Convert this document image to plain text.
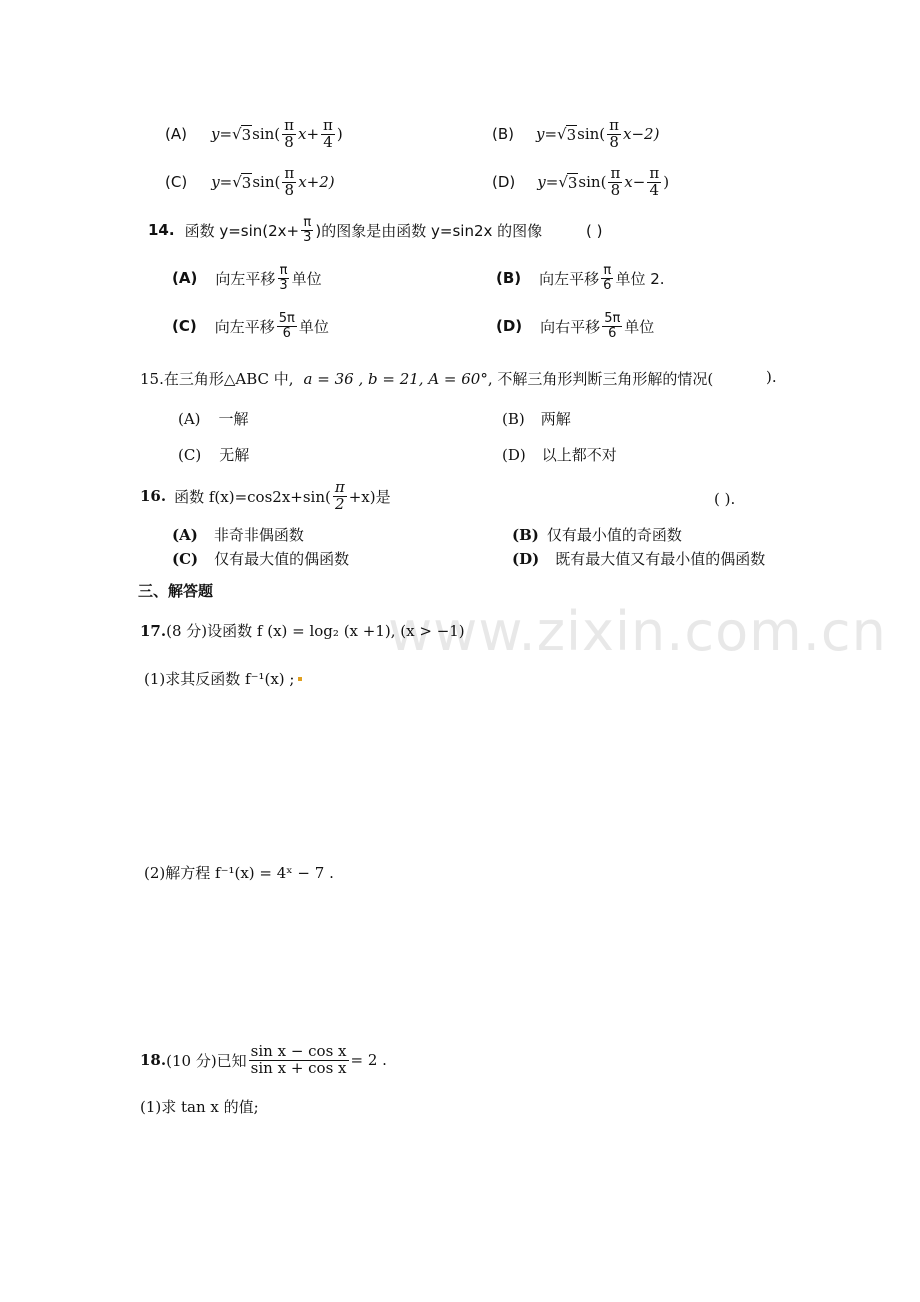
(A) y= √ 3 $\sin( \frac{\pi}{8} x+ \frac{\pi}{4}$ )	(B) y= √ 3 $\sin( \frac{\pi}{8} x-2)$
(C) y= √ 3 $\sin( \frac{\pi}{8} x+2)$	(D) y= √ 3 $\sin( \frac{\pi}{8} x- \frac{\pi}{4}$ )
14. 函数 $y=\sin(2x+ \frac{\pi}{3}$ )的图象是由函数 y=sin2x 的图像	( )
(A) 向左平移 $\frac{\pi}{3}$ 单位	(B) 向左平移 $\frac{\pi}{6}$ 单位 2.
(C) 向左平移 $\frac{5\pi}{6}$ 单位	(D) 向右平移 $\frac{5\pi}{6}$ 单位
15.在三角形△ABC 中, a = 36 , b = 21, A = 60° , 不解三角形判断三角形解的情况(	).
(A) 一解	(B) 两解
(C) 无解	(D) 以上都不对
16. 函数 $f(x)=\cos 2x+\sin( \frac{\pi}{2} +x)$是	( ).
(A) 非奇非偶函数	(B) 仅有最小值的奇函数
(C) 仅有最大值的偶函数	(D) 既有最大值又有最小值的偶函数
三、解答题
www.zixin.com.cn
17. (8 分)设函数 f (x) = log₂ (x +1), (x > −1)
(1)求其反函数 f⁻¹(x) ;
(2)解方程 f⁻¹(x) = 4ˣ − 7 .
18. (10 分)已知 $\frac{\text{sin x − cos x}}{\text{sin x + cos x}} = 2$ .
(1)求 tan x 的值;
